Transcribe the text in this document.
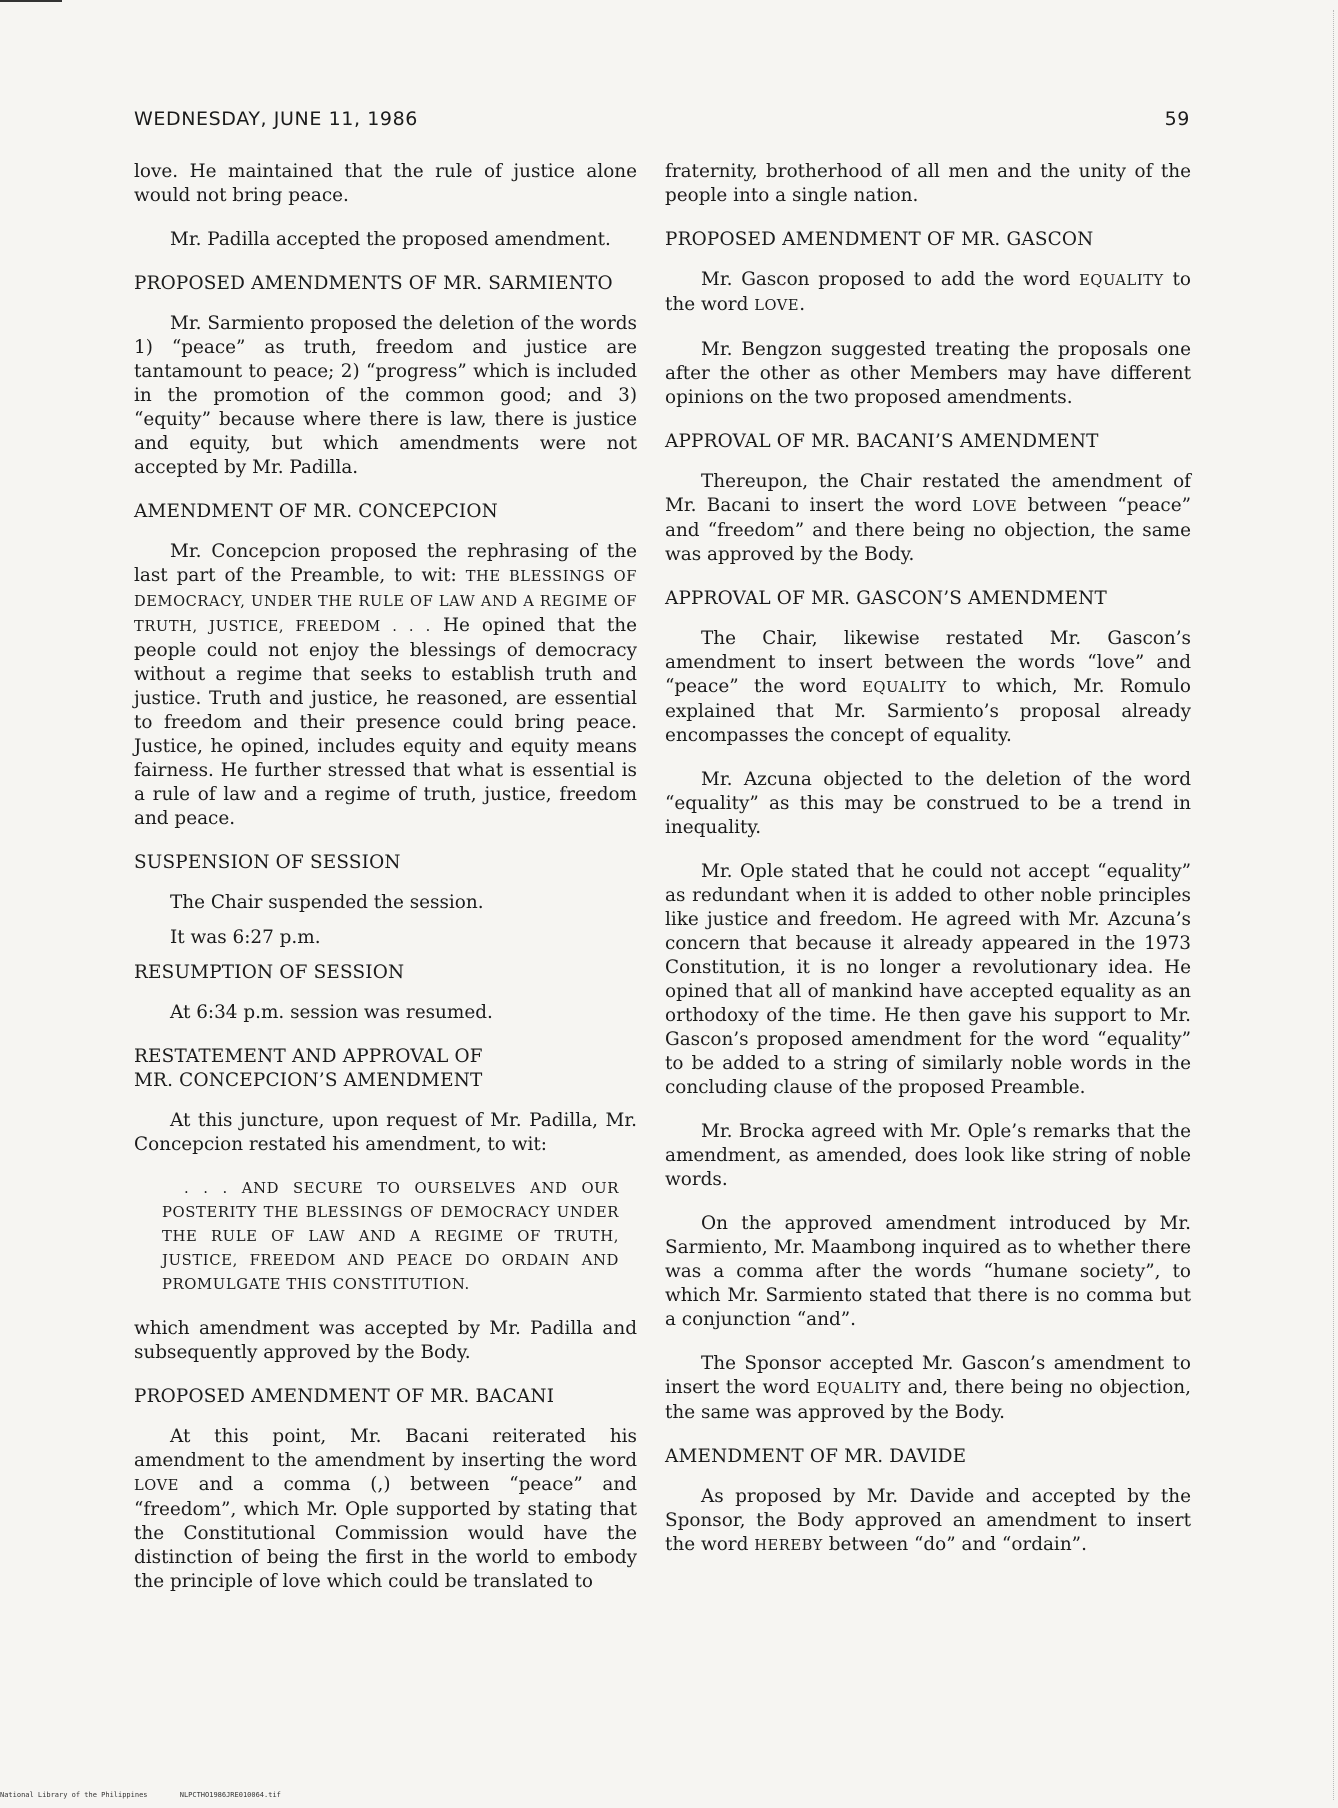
WEDNESDAY, JUNE 11, 1986	59

love. He maintained that the rule of justice alone would not bring peace.

Mr. Padilla accepted the proposed amendment.

PROPOSED AMENDMENTS OF MR. SARMIENTO

Mr. Sarmiento proposed the deletion of the words 1) “peace” as truth, freedom and justice are tantamount to peace; 2) “progress” which is included in the promotion of the common good; and 3) “equity” because where there is law, there is justice and equity, but which amendments were not accepted by Mr. Padilla.

AMENDMENT OF MR. CONCEPCION

Mr. Concepcion proposed the rephrasing of the last part of the Preamble, to wit: THE BLESSINGS OF DEMOCRACY, UNDER THE RULE OF LAW AND A REGIME OF TRUTH, JUSTICE, FREEDOM . . . He opined that the people could not enjoy the blessings of democracy without a regime that seeks to establish truth and justice. Truth and justice, he reasoned, are essential to freedom and their presence could bring peace. Justice, he opined, includes equity and equity means fairness. He further stressed that what is essential is a rule of law and a regime of truth, justice, freedom and peace.

SUSPENSION OF SESSION

The Chair suspended the session.

It was 6:27 p.m.

RESUMPTION OF SESSION

At 6:34 p.m. session was resumed.

RESTATEMENT AND APPROVAL OF
MR. CONCEPCION’S AMENDMENT

At this juncture, upon request of Mr. Padilla, Mr. Concepcion restated his amendment, to wit:

. . . AND SECURE TO OURSELVES AND OUR POSTERITY THE BLESSINGS OF DEMOCRACY UNDER THE RULE OF LAW AND A REGIME OF TRUTH, JUSTICE, FREEDOM AND PEACE DO ORDAIN AND PROMULGATE THIS CONSTITUTION.

which amendment was accepted by Mr. Padilla and subsequently approved by the Body.

PROPOSED AMENDMENT OF MR. BACANI

At this point, Mr. Bacani reiterated his amendment to the amendment by inserting the word LOVE and a comma (,) between “peace” and “freedom”, which Mr. Ople supported by stating that the Constitutional Commission would have the distinction of being the first in the world to embody the principle of love which could be translated to

fraternity, brotherhood of all men and the unity of the people into a single nation.

PROPOSED AMENDMENT OF MR. GASCON

Mr. Gascon proposed to add the word EQUALITY to the word LOVE.

Mr. Bengzon suggested treating the proposals one after the other as other Members may have different opinions on the two proposed amendments.

APPROVAL OF MR. BACANI’S AMENDMENT

Thereupon, the Chair restated the amendment of Mr. Bacani to insert the word LOVE between “peace” and “freedom” and there being no objection, the same was approved by the Body.

APPROVAL OF MR. GASCON’S AMENDMENT

The Chair, likewise restated Mr. Gascon’s amendment to insert between the words “love” and “peace” the word EQUALITY to which, Mr. Romulo explained that Mr. Sarmiento’s proposal already encompasses the concept of equality.

Mr. Azcuna objected to the deletion of the word “equality” as this may be construed to be a trend in inequality.

Mr. Ople stated that he could not accept “equality” as redundant when it is added to other noble principles like justice and freedom. He agreed with Mr. Azcuna’s concern that because it already appeared in the 1973 Constitution, it is no longer a revolutionary idea. He opined that all of mankind have accepted equality as an orthodoxy of the time. He then gave his support to Mr. Gascon’s proposed amendment for the word “equality” to be added to a string of similarly noble words in the concluding clause of the proposed Preamble.

Mr. Brocka agreed with Mr. Ople’s remarks that the amendment, as amended, does look like string of noble words.

On the approved amendment introduced by Mr. Sarmiento, Mr. Maambong inquired as to whether there was a comma after the words “humane society”, to which Mr. Sarmiento stated that there is no comma but a conjunction “and”.

The Sponsor accepted Mr. Gascon’s amendment to insert the word EQUALITY and, there being no objection, the same was approved by the Body.

AMENDMENT OF MR. DAVIDE

As proposed by Mr. Davide and accepted by the Sponsor, the Body approved an amendment to insert the word HEREBY between “do” and “ordain”.

National Library of the Philippines	NLPCTHO1986JRE010064.tif
